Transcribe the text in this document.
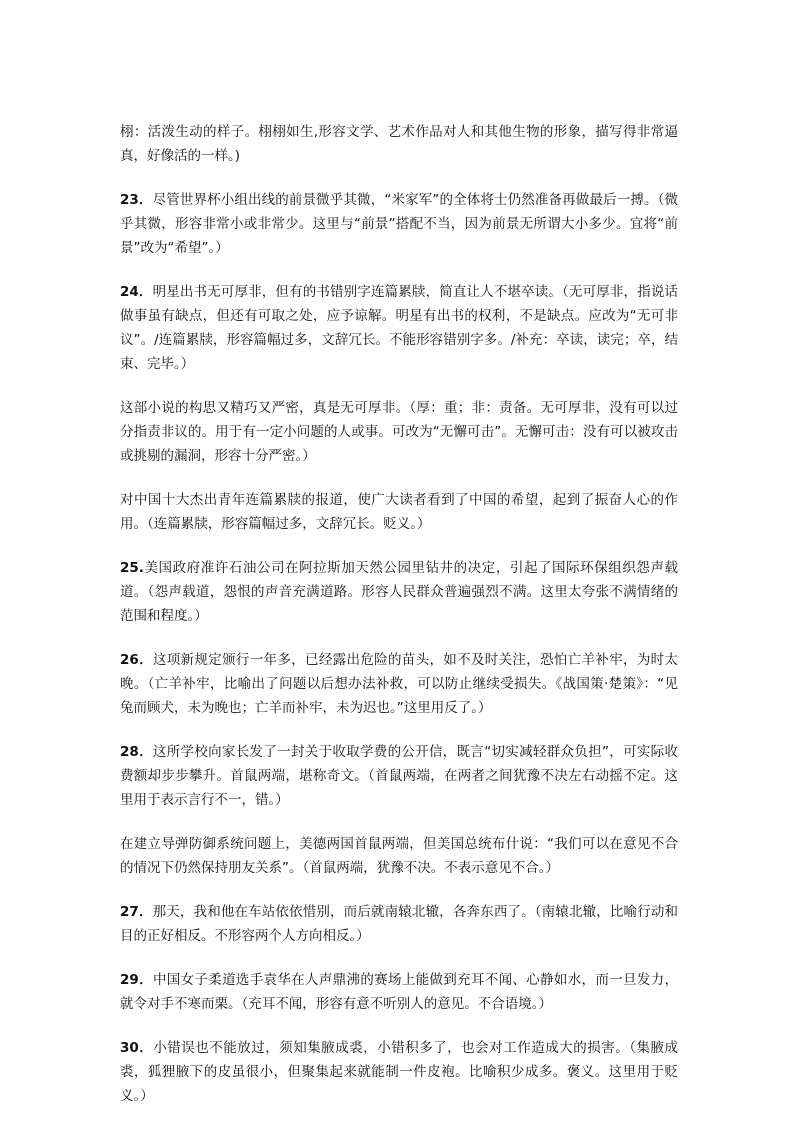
栩：活泼生动的样子。栩栩如生,形容文学、艺术作品对人和其他生物的形象，描写得非常逼真，好像活的一样。)

23．尽管世界杯小组出线的前景微乎其微，“米家军”的全体将士仍然准备再做最后一搏。（微乎其微，形容非常小或非常少。这里与“前景”搭配不当，因为前景无所谓大小多少。宜将“前景”改为“希望”。）

24．明星出书无可厚非，但有的书错别字连篇累牍，简直让人不堪卒读。（无可厚非，指说话做事虽有缺点，但还有可取之处，应予谅解。明星有出书的权利，不是缺点。应改为“无可非议”。/连篇累牍，形容篇幅过多，文辞冗长。不能形容错别字多。/补充：卒读，读完；卒，结束、完毕。）

这部小说的构思又精巧又严密，真是无可厚非。（厚：重；非：责备。无可厚非，没有可以过分指责非议的。用于有一定小问题的人或事。可改为“无懈可击”。无懈可击：没有可以被攻击或挑剔的漏洞，形容十分严密。）

对中国十大杰出青年连篇累牍的报道，使广大读者看到了中国的希望，起到了振奋人心的作用。（连篇累牍，形容篇幅过多，文辞冗长。贬义。）

25.美国政府准许石油公司在阿拉斯加天然公园里钻井的决定，引起了国际环保组织怨声载道。（怨声载道，怨恨的声音充满道路。形容人民群众普遍强烈不满。这里太夸张不满情绪的范围和程度。）

26．这项新规定颁行一年多，已经露出危险的苗头，如不及时关注，恐怕亡羊补牢，为时太晚。（亡羊补牢，比喻出了问题以后想办法补救，可以防止继续受损失。《战国策·楚策》：“见兔而顾犬，未为晚也；亡羊而补牢，未为迟也。”这里用反了。）

28．这所学校向家长发了一封关于收取学费的公开信，既言“切实减轻群众负担”，可实际收费额却步步攀升。首鼠两端，堪称奇文。（首鼠两端，在两者之间犹豫不决左右动摇不定。这里用于表示言行不一，错。）

在建立导弹防御系统问题上，美德两国首鼠两端，但美国总统布什说：“我们可以在意见不合的情况下仍然保持朋友关系”。（首鼠两端，犹豫不决。不表示意见不合。）

27．那天，我和他在车站依依惜别，而后就南辕北辙，各奔东西了。（南辕北辙，比喻行动和目的正好相反。不形容两个人方向相反。）

29．中国女子柔道选手袁华在人声鼎沸的赛场上能做到充耳不闻、心静如水，而一旦发力，就令对手不寒而栗。（充耳不闻，形容有意不听别人的意见。不合语境。）

30．小错误也不能放过，须知集腋成裘，小错积多了，也会对工作造成大的损害。（集腋成裘，狐狸腋下的皮虽很小，但聚集起来就能制一件皮袍。比喻积少成多。褒义。这里用于贬义。）
